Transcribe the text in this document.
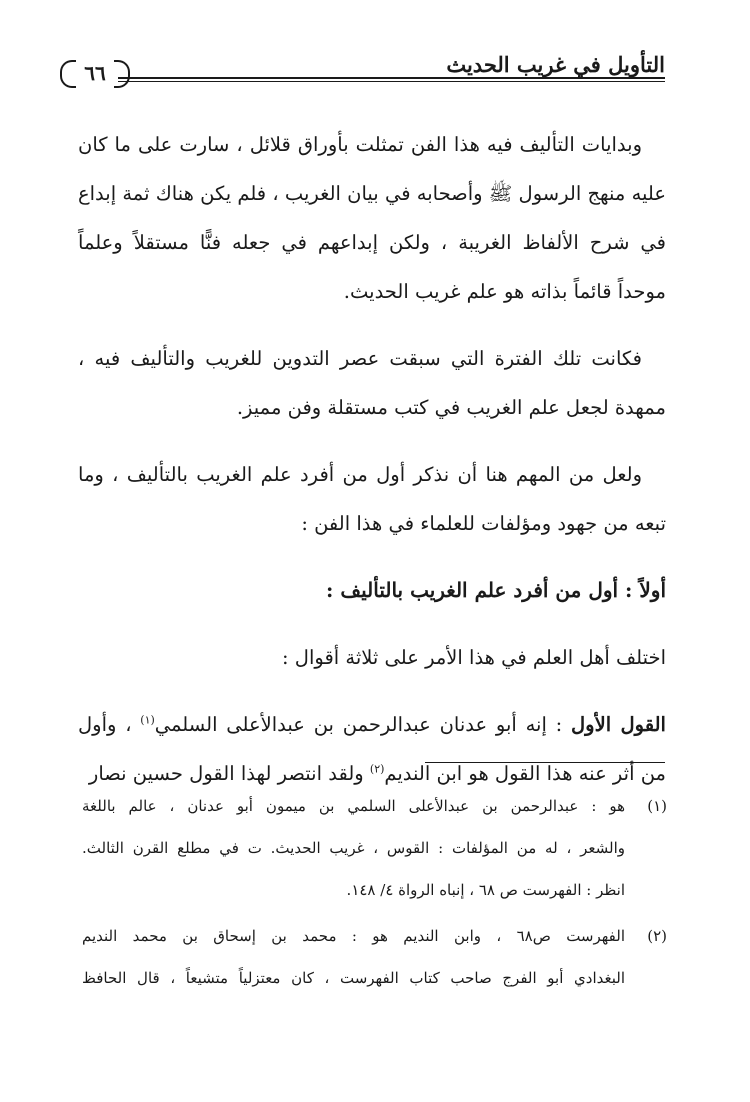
التأويل في غريب الحديث
٦٦

وبدايات التأليف فيه هذا الفن تمثلت بأوراق قلائل ، سارت على ما كان عليه منهج الرسول ﷺ وأصحابه في بيان الغريب ، فلم يكن هناك ثمة إبداع في شرح الألفاظ الغريبة ، ولكن إبداعهم في جعله فنًّا مستقلاً وعلماً موحداً قائماً بذاته هو علم غريب الحديث.

فكانت تلك الفترة التي سبقت عصر التدوين للغريب والتأليف فيه ، ممهدة لجعل علم الغريب في كتب مستقلة وفن مميز.

ولعل من المهم هنا أن نذكر أول من أفرد علم الغريب بالتأليف ، وما تبعه من جهود ومؤلفات للعلماء في هذا الفن :

أولاً : أول من أفرد علم الغريب بالتأليف :

اختلف أهل العلم في هذا الأمر على ثلاثة أقوال :

القول الأول : إنه أبو عدنان عبدالرحمن بن عبدالأعلى السلمي$^{(١)}$ ، وأول من أثر عنه هذا القول هو ابن النديم$^{(٢)}$ ولقد انتصر لهذا القول حسين نصار

(١)
هو : عبدالرحمن بن عبدالأعلى السلمي بن ميمون أبو عدنان ، عالم باللغة
والشعر ، له من المؤلفات : القوس ، غريب الحديث. ت في مطلع القرن الثالث.
انظر : الفهرست ص ٦٨ ، إنباه الرواة ٤/ ١٤٨.
(٢)
الفهرست ص٦٨ ، وابن النديم هو : محمد بن إسحاق بن محمد النديم
البغدادي أبو الفرج صاحب كتاب الفهرست ، كان معتزلياً متشيعاً ، قال الحافظ
